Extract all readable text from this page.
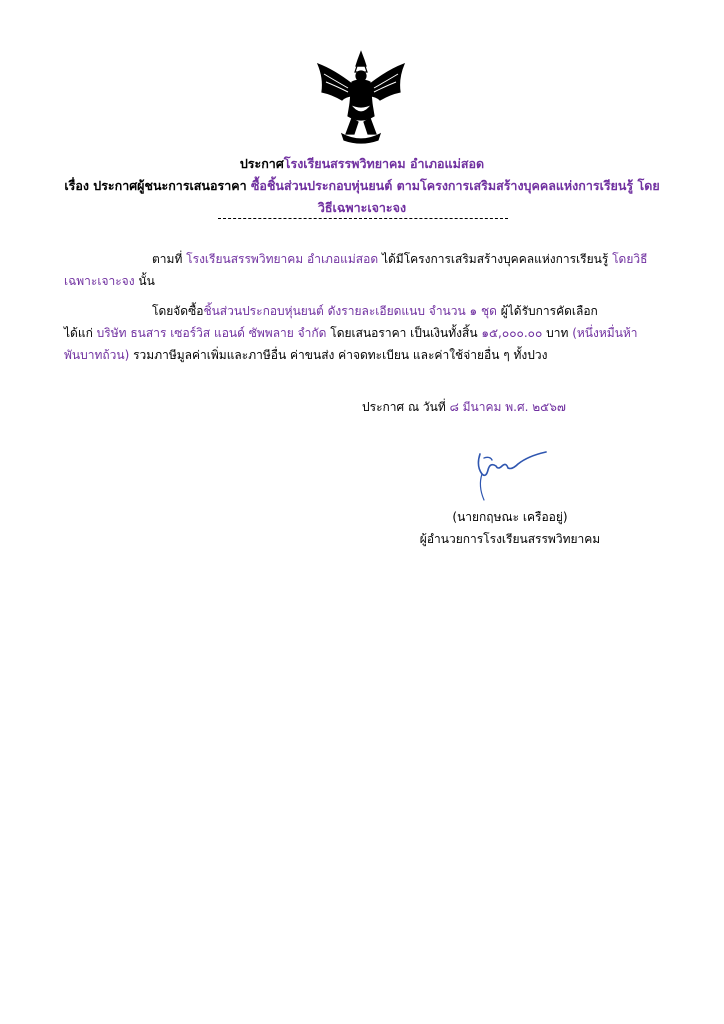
ประกาศโรงเรียนสรรพวิทยาคม อำเภอแม่สอด
เรื่อง ประกาศผู้ชนะการเสนอราคา ซื้อชิ้นส่วนประกอบหุ่นยนต์ ตามโครงการเสริมสร้างบุคคลแห่งการเรียนรู้ โดย
วิธีเฉพาะเจาะจง
ตามที่ โรงเรียนสรรพวิทยาคม อำเภอแม่สอด ได้มีโครงการเสริมสร้างบุคคลแห่งการเรียนรู้ โดยวิธี
เฉพาะเจาะจง นั้น
โดยจัดซื้อชิ้นส่วนประกอบหุ่นยนต์ ดังรายละเอียดแนบ จำนวน ๑ ชุด ผู้ได้รับการคัดเลือก
ได้แก่ บริษัท ธนสาร เซอร์วิส แอนด์ ซัพพลาย จำกัด โดยเสนอราคา เป็นเงินทั้งสิ้น ๑๕,๐๐๐.๐๐ บาท (หนึ่งหมื่นห้า
พันบาทถ้วน) รวมภาษีมูลค่าเพิ่มและภาษีอื่น ค่าขนส่ง ค่าจดทะเบียน และค่าใช้จ่ายอื่น ๆ ทั้งปวง
ประกาศ ณ วันที่ ๘ มีนาคม พ.ศ. ๒๕๖๗
(นายกฤษณะ เครืออยู่)
ผู้อำนวยการโรงเรียนสรรพวิทยาคม
